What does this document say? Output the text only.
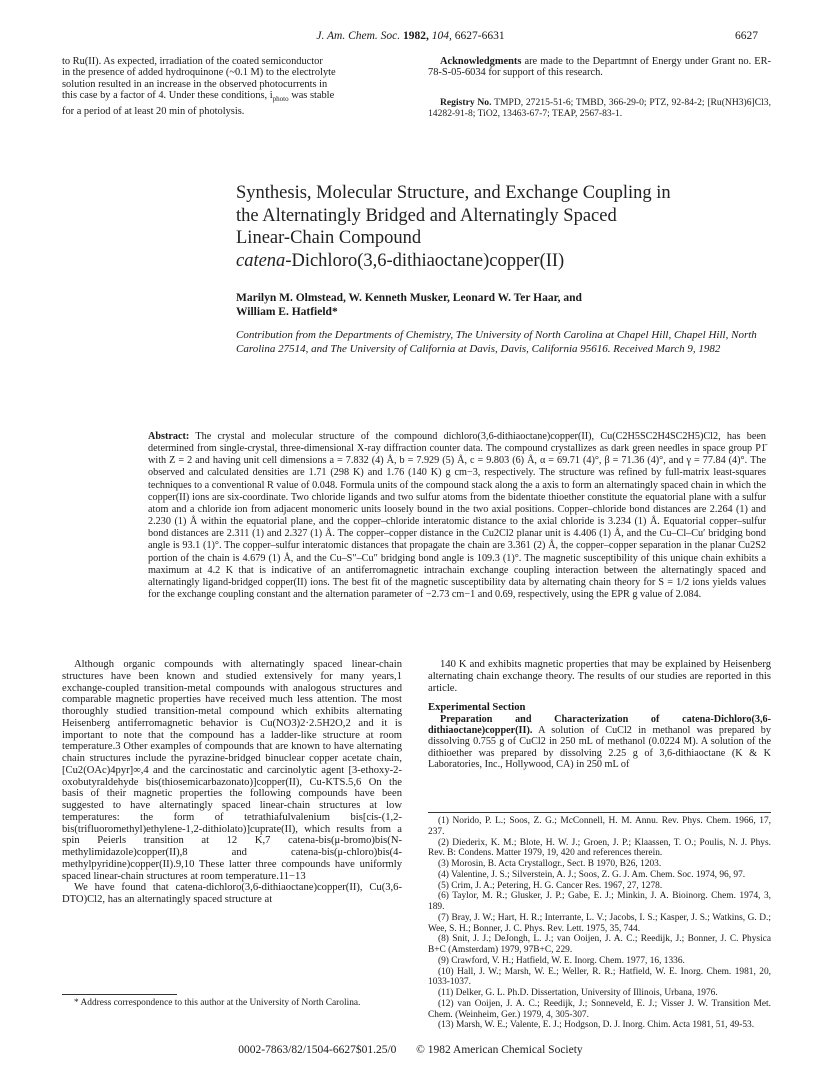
J. Am. Chem. Soc. 1982, 104, 6627-6631	6627
to Ru(II). As expected, irradiation of the coated semiconductor
in the presence of added hydroquinone (~0.1 M) to the electrolyte
solution resulted in an increase in the observed photocurrents in
this case by a factor of 4. Under these conditions, $i_{photo}$ was stable
for a period of at least 20 min of photolysis.

Acknowledgments are made to the Departmnt of Energy under Grant no. ER-78-S-05-6034 for support of this research.

Registry No. TMPD, 27215-51-6; TMBD, 366-29-0; PTZ, 92-84-2; [Ru(NH3)6]Cl3, 14282-91-8; TiO2, 13463-67-7; TEAP, 2567-83-1.

Synthesis, Molecular Structure, and Exchange Coupling in
the Alternatingly Bridged and Alternatingly Spaced
Linear-Chain Compound
catena-Dichloro(3,6-dithiaoctane)copper(II)
Marilyn M. Olmstead, W. Kenneth Musker, Leonard W. Ter Haar, and
William E. Hatfield*
Contribution from the Departments of Chemistry, The University of North Carolina at Chapel Hill, Chapel Hill, North Carolina 27514, and The University of California at Davis, Davis, California 95616. Received March 9, 1982
Abstract: The crystal and molecular structure of the compound dichloro(3,6-dithiaoctane)copper(II), Cu(C2H5SC2H4SC2H5)Cl2, has been determined from single-crystal, three-dimensional X-ray diffraction counter data. The compound crystallizes as dark green needles in space group P1̄ with Z = 2 and having unit cell dimensions a = 7.832 (4) Å, b = 7.929 (5) Å, c = 9.803 (6) Å, α = 69.71 (4)°, β = 71.36 (4)°, and γ = 77.84 (4)°. The observed and calculated densities are 1.71 (298 K) and 1.76 (140 K) g cm−3, respectively. The structure was refined by full-matrix least-squares techniques to a conventional R value of 0.048. Formula units of the compound stack along the a axis to form an alternatingly spaced chain in which the copper(II) ions are six-coordinate. Two chloride ligands and two sulfur atoms from the bidentate thioether constitute the equatorial plane with a sulfur atom and a chloride ion from adjacent monomeric units loosely bound in the two axial positions. Copper–chloride bond distances are 2.264 (1) and 2.230 (1) Å within the equatorial plane, and the copper–chloride interatomic distance to the axial chloride is 3.234 (1) Å. Equatorial copper–sulfur bond distances are 2.311 (1) and 2.327 (1) Å. The copper–copper distance in the Cu2Cl2 planar unit is 4.406 (1) Å, and the Cu–Cl–Cu′ bridging bond angle is 93.1 (1)°. The copper–sulfur interatomic distances that propagate the chain are 3.361 (2) Å, the copper–copper separation in the planar Cu2S2 portion of the chain is 4.679 (1) Å, and the Cu–S″–Cu″ bridging bond angle is 109.3 (1)°. The magnetic susceptibility of this unique chain exhibits a maximum at 4.2 K that is indicative of an antiferromagnetic intrachain exchange coupling interaction between the alternatingly spaced and alternatingly ligand-bridged copper(II) ions. The best fit of the magnetic susceptibility data by alternating chain theory for S = 1/2 ions yields values for the exchange coupling constant and the alternation parameter of −2.73 cm−1 and 0.69, respectively, using the EPR g value of 2.084.

Although organic compounds with alternatingly spaced linear-chain structures have been known and studied extensively for many years,1 exchange-coupled transition-metal compounds with analogous structures and comparable magnetic properties have received much less attention. The most thoroughly studied transition-metal compound which exhibits alternating Heisenberg antiferromagnetic behavior is Cu(NO3)2·2.5H2O,2 and it is important to note that the compound has a ladder-like structure at room temperature.3 Other examples of compounds that are known to have alternating chain structures include the pyrazine-bridged binuclear copper acetate chain, [Cu2(OAc)4pyr]∞,4 and the carcinostatic and carcinolytic agent [3-ethoxy-2-oxobutyraldehyde bis(thiosemicarbazonato)]copper(II), Cu-KTS.5,6 On the basis of their magnetic properties the following compounds have been suggested to have alternatingly spaced linear-chain structures at low temperatures: the form of tetrathiafulvalenium bis[cis-(1,2-bis(trifluoromethyl)ethylene-1,2-dithiolato)]cuprate(II), which results from a spin Peierls transition at 12 K,7 catena-bis(μ-bromo)bis(N-methylimidazole)copper(II),8 and catena-bis(μ-chloro)bis(4-methylpyridine)copper(II).9,10 These latter three compounds have uniformly spaced linear-chain structures at room temperature.11−13

We have found that catena-dichloro(3,6-dithiaoctane)copper(II), Cu(3,6-DTO)Cl2, has an alternatingly spaced structure at

* Address correspondence to this author at the University of North Carolina.

140 K and exhibits magnetic properties that may be explained by Heisenberg alternating chain exchange theory. The results of our studies are reported in this article.

Experimental Section

Preparation and Characterization of catena-Dichloro(3,6-dithiaoctane)copper(II). A solution of CuCl2 in methanol was prepared by dissolving 0.755 g of CuCl2 in 250 mL of methanol (0.0224 M). A solution of the dithioether was prepared by dissolving 2.25 g of 3,6-dithiaoctane (K & K Laboratories, Inc., Hollywood, CA) in 250 mL of

(1) Norido, P. L.; Soos, Z. G.; McConnell, H. M. Annu. Rev. Phys. Chem. 1966, 17, 237.
(2) Diederix, K. M.; Blote, H. W. J.; Groen, J. P.; Klaassen, T. O.; Poulis, N. J. Phys. Rev. B: Condens. Matter 1979, 19, 420 and references therein.
(3) Morosin, B. Acta Crystallogr., Sect. B 1970, B26, 1203.
(4) Valentine, J. S.; Silverstein, A. J.; Soos, Z. G. J. Am. Chem. Soc. 1974, 96, 97.
(5) Crim, J. A.; Petering, H. G. Cancer Res. 1967, 27, 1278.
(6) Taylor, M. R.; Glusker, J. P.; Gabe, E. J.; Minkin, J. A. Bioinorg. Chem. 1974, 3, 189.
(7) Bray, J. W.; Hart, H. R.; Interrante, L. V.; Jacobs, I. S.; Kasper, J. S.; Watkins, G. D.; Wee, S. H.; Bonner, J. C. Phys. Rev. Lett. 1975, 35, 744.
(8) Snit, J. J.; DeJongh, L. J.; van Ooijen, J. A. C.; Reedijk, J.; Bonner, J. C. Physica B+C (Amsterdam) 1979, 97B+C, 229.
(9) Crawford, V. H.; Hatfield, W. E. Inorg. Chem. 1977, 16, 1336.
(10) Hall, J. W.; Marsh, W. E.; Weller, R. R.; Hatfield, W. E. Inorg. Chem. 1981, 20, 1033-1037.
(11) Delker, G. L. Ph.D. Dissertation, University of Illinois, Urbana, 1976.
(12) van Ooijen, J. A. C.; Reedijk, J.; Sonneveld, E. J.; Visser J. W. Transition Met. Chem. (Weinheim, Ger.) 1979, 4, 305-307.
(13) Marsh, W. E.; Valente, E. J.; Hodgson, D. J. Inorg. Chim. Acta 1981, 51, 49-53.
0002-7863/82/1504-6627$01.25/0 © 1982 American Chemical Society
